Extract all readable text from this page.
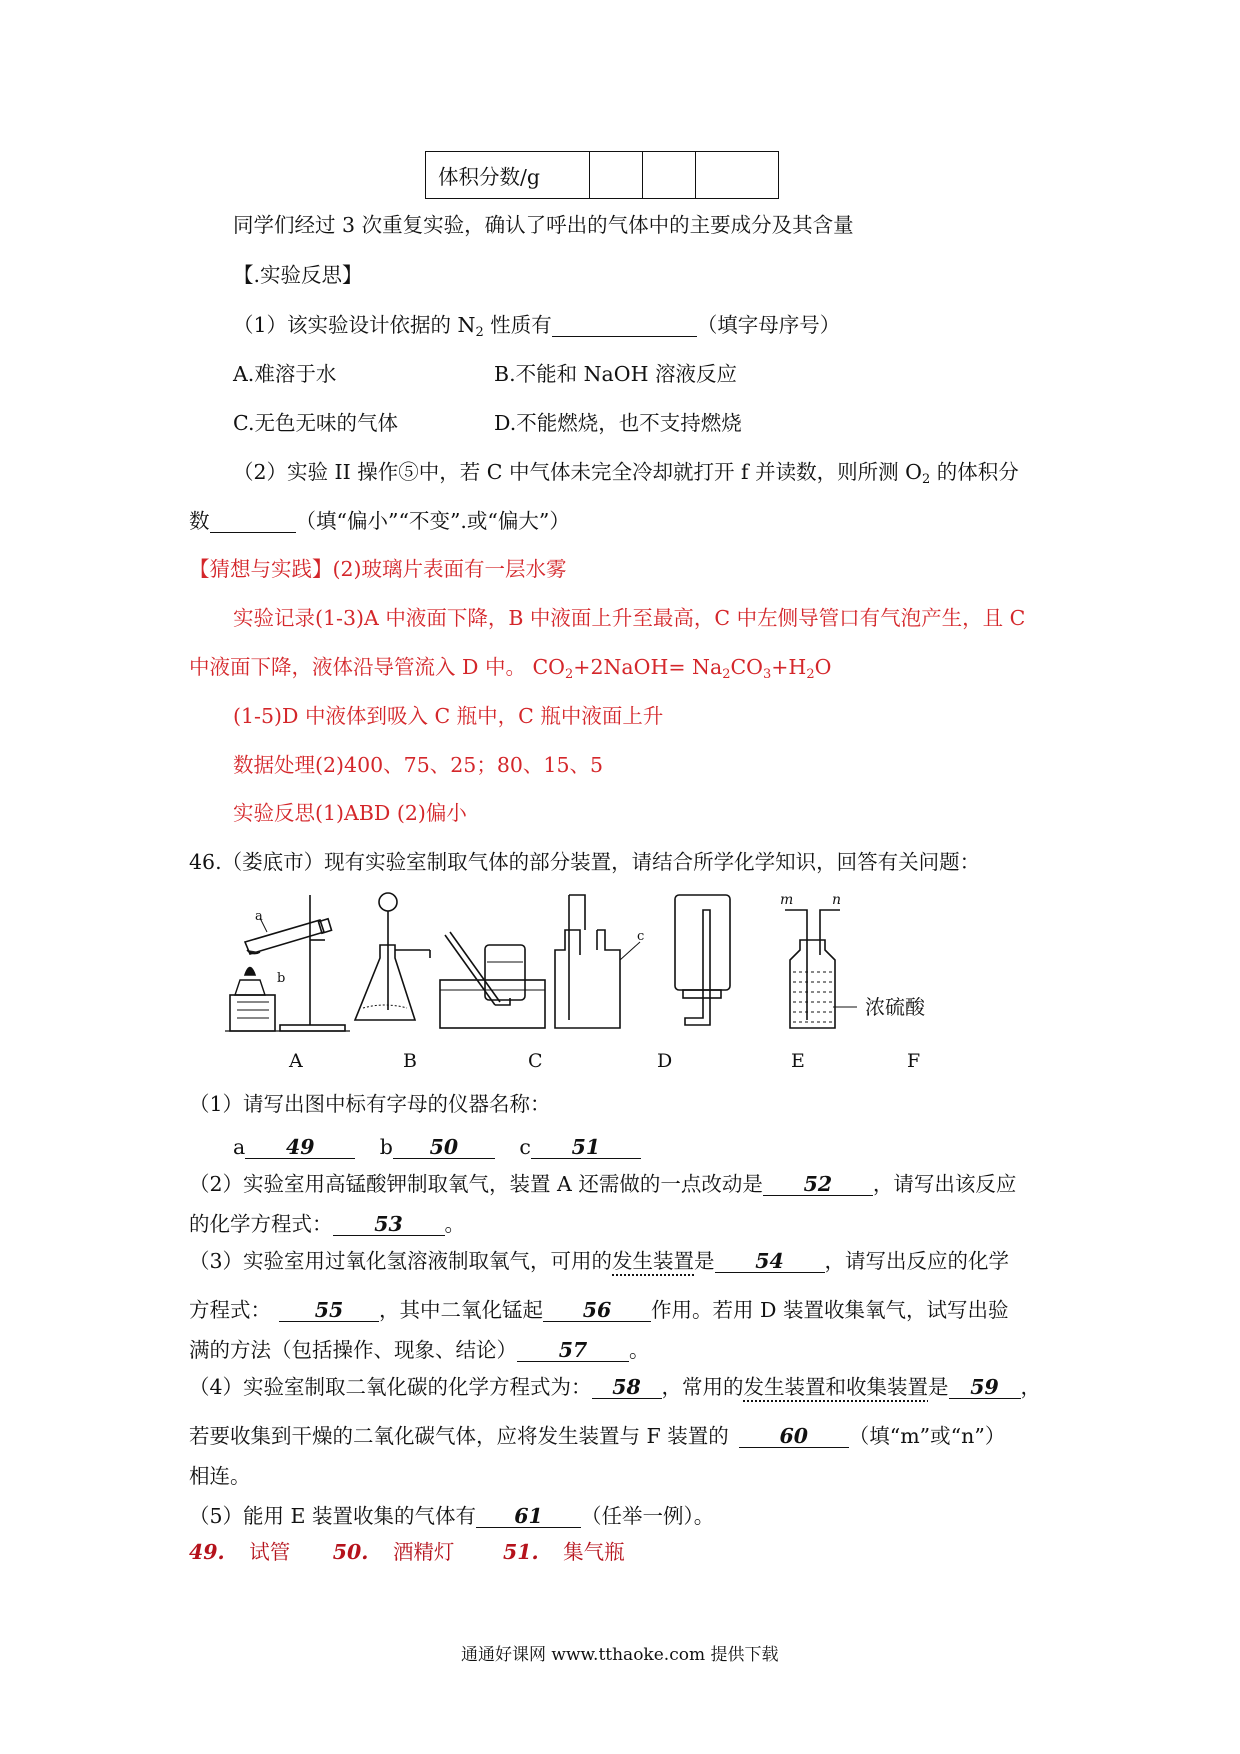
体积分数/g			
同学们经过 3 次重复实验，确认了呼出的气体中的主要成分及其含量
【.实验反思】
（1）该实验设计依据的 $N_2$ 性质有	（填字母序号）
A.难溶于水	B.不能和 NaOH 溶液反应
C.无色无味的气体	D.不能燃烧，也不支持燃烧
（2）实验 II 操作⑤中，若 C 中气体未完全冷却就打开 f 并读数，则所测 $O_2$ 的体积分
数	（填“偏小”“不变”.或“偏大”）
【猜想与实践】(2)玻璃片表面有一层水雾
实验记录(1-3)A 中液面下降，B 中液面上升至最高，C 中左侧导管口有气泡产生，且 C
中液面下降，液体沿导管流入 D 中。 $CO_2+2NaOH= Na_2CO_3+H_2O$
(1-5)D 中液体到吸入 C 瓶中，C 瓶中液面上升
数据处理(2)400、75、25；80、15、5
实验反思(1)ABD (2)偏小
46.（娄底市）现有实验室制取气体的部分装置，请结合所学化学知识，回答有关问题：
a
b
c
m	n
浓硫酸
A	B	C	D	E	F
（1）请写出图中标有字母的仪器名称：
a 49	b 50	c 51
（2）实验室用高锰酸钾制取氧气，装置 A 还需做的一点改动是 52 ，请写出该反应
的化学方程式： 53 。
（3）实验室用过氧化氢溶液制取氧气，可用的发生装置是 54 ，请写出反应的化学
方程式： 55 ，其中二氧化锰起 56 作用。若用 D 装置收集氧气，试写出验
满的方法（包括操作、现象、结论） 57 。
（4）实验室制取二氧化碳的化学方程式为： 58 ，常用的发生装置和收集装置是 59 ，
若要收集到干燥的二氧化碳气体，应将发生装置与 F 装置的 60 （填“m”或“n”）
相连。
（5）能用 E 装置收集的气体有 61 （任举一例）。
49. 试管 50. 酒精灯 51. 集气瓶
通通好课网 www.tthaoke.com 提供下载
